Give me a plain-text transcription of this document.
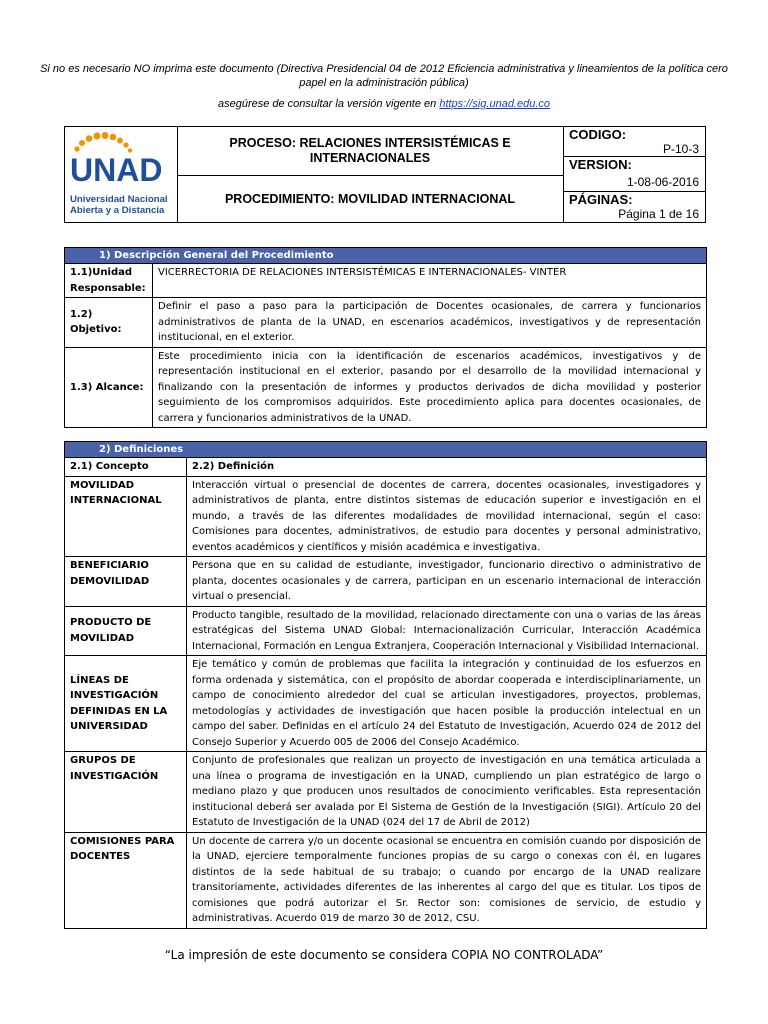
Si no es necesario NO imprima este documento (Directiva Presidencial 04 de 2012 Eficiencia administrativa y lineamientos de la política cero papel en la administración pública)
asegúrese de consultar la versión vigente en https://sig.unad.edu.co
UNAD
Universidad Nacional
Abierta y a Distancia
PROCESO: RELACIONES INTERSISTÉMICAS E INTERNACIONALES
PROCEDIMIENTO: MOVILIDAD INTERNACIONAL
CODIGO:
P-10-3
VERSION:
1-08-06-2016
PÁGINAS:
Página 1 de 16
1) Descripción General del Procedimiento	
1.1)Unidad Responsable:	VICERRECTORIA DE RELACIONES INTERSISTÉMICAS E INTERNACIONALES- VINTER
1.2) Objetivo:	Definir el paso a paso para la participación de Docentes ocasionales, de carrera y funcionarios administrativos de planta de la UNAD, en escenarios académicos, investigativos y de representación institucional, en el exterior.
1.3) Alcance:	Este procedimiento inicia con la identificación de escenarios académicos, investigativos y de representación institucional en el exterior, pasando por el desarrollo de la movilidad internacional y finalizando con la presentación de informes y productos derivados de dicha movilidad y posterior seguimiento de los compromisos adquiridos. Este procedimiento aplica para docentes ocasionales, de carrera y funcionarios administrativos de la UNAD.
2) Definiciones	
2.1) Concepto	2.2) Definición
MOVILIDAD INTERNACIONAL	Interacción virtual o presencial de docentes de carrera, docentes ocasionales, investigadores y administrativos de planta, entre distintos sistemas de educación superior e investigación en el mundo, a través de las diferentes modalidades de movilidad internacional, según el caso: Comisiones para docentes, administrativos, de estudio para docentes y personal administrativo, eventos académicos y científicos y misión académica e investigativa.
BENEFICIARIO DEMOVILIDAD	Persona que en su calidad de estudiante, investigador, funcionario directivo o administrativo de planta, docentes ocasionales y de carrera, participan en un escenario internacional de interacción virtual o presencial.
PRODUCTO DE MOVILIDAD	Producto tangible, resultado de la movilidad, relacionado directamente con una o varias de las áreas estratégicas del Sistema UNAD Global: Internacionalización Curricular, Interacción Académica Internacional, Formación en Lengua Extranjera, Cooperación Internacional y Visibilidad Internacional.
LÍNEAS DE INVESTIGACIÓN DEFINIDAS EN LA UNIVERSIDAD	Eje temático y común de problemas que facilita la integración y continuidad de los esfuerzos en forma ordenada y sistemática, con el propósito de abordar cooperada e interdisciplinariamente, un campo de conocimiento alrededor del cual se articulan investigadores, proyectos, problemas, metodologías y actividades de investigación que hacen posible la producción intelectual en un campo del saber. Definidas en el artículo 24 del Estatuto de Investigación, Acuerdo 024 de 2012 del Consejo Superior y Acuerdo 005 de 2006 del Consejo Académico.
GRUPOS DE INVESTIGACIÓN	Conjunto de profesionales que realizan un proyecto de investigación en una temática articulada a una línea o programa de investigación en la UNAD, cumpliendo un plan estratégico de largo o mediano plazo y que producen unos resultados de conocimiento verificables. Esta representación institucional deberá ser avalada por El Sistema de Gestión de la Investigación (SIGI). Artículo 20 del Estatuto de Investigación de la UNAD (024 del 17 de Abril de 2012)
COMISIONES PARA DOCENTES	Un docente de carrera y/o un docente ocasional se encuentra en comisión cuando por disposición de la UNAD, ejerciere temporalmente funciones propias de su cargo o conexas con él, en lugares distintos de la sede habitual de su trabajo; o cuando por encargo de la UNAD realizare transitoriamente, actividades diferentes de las inherentes al cargo del que es titular. Los tipos de comisiones que podrá autorizar el Sr. Rector son: comisiones de servicio, de estudio y administrativas. Acuerdo 019 de marzo 30 de 2012, CSU.
“La impresión de este documento se considera COPIA NO CONTROLADA”
